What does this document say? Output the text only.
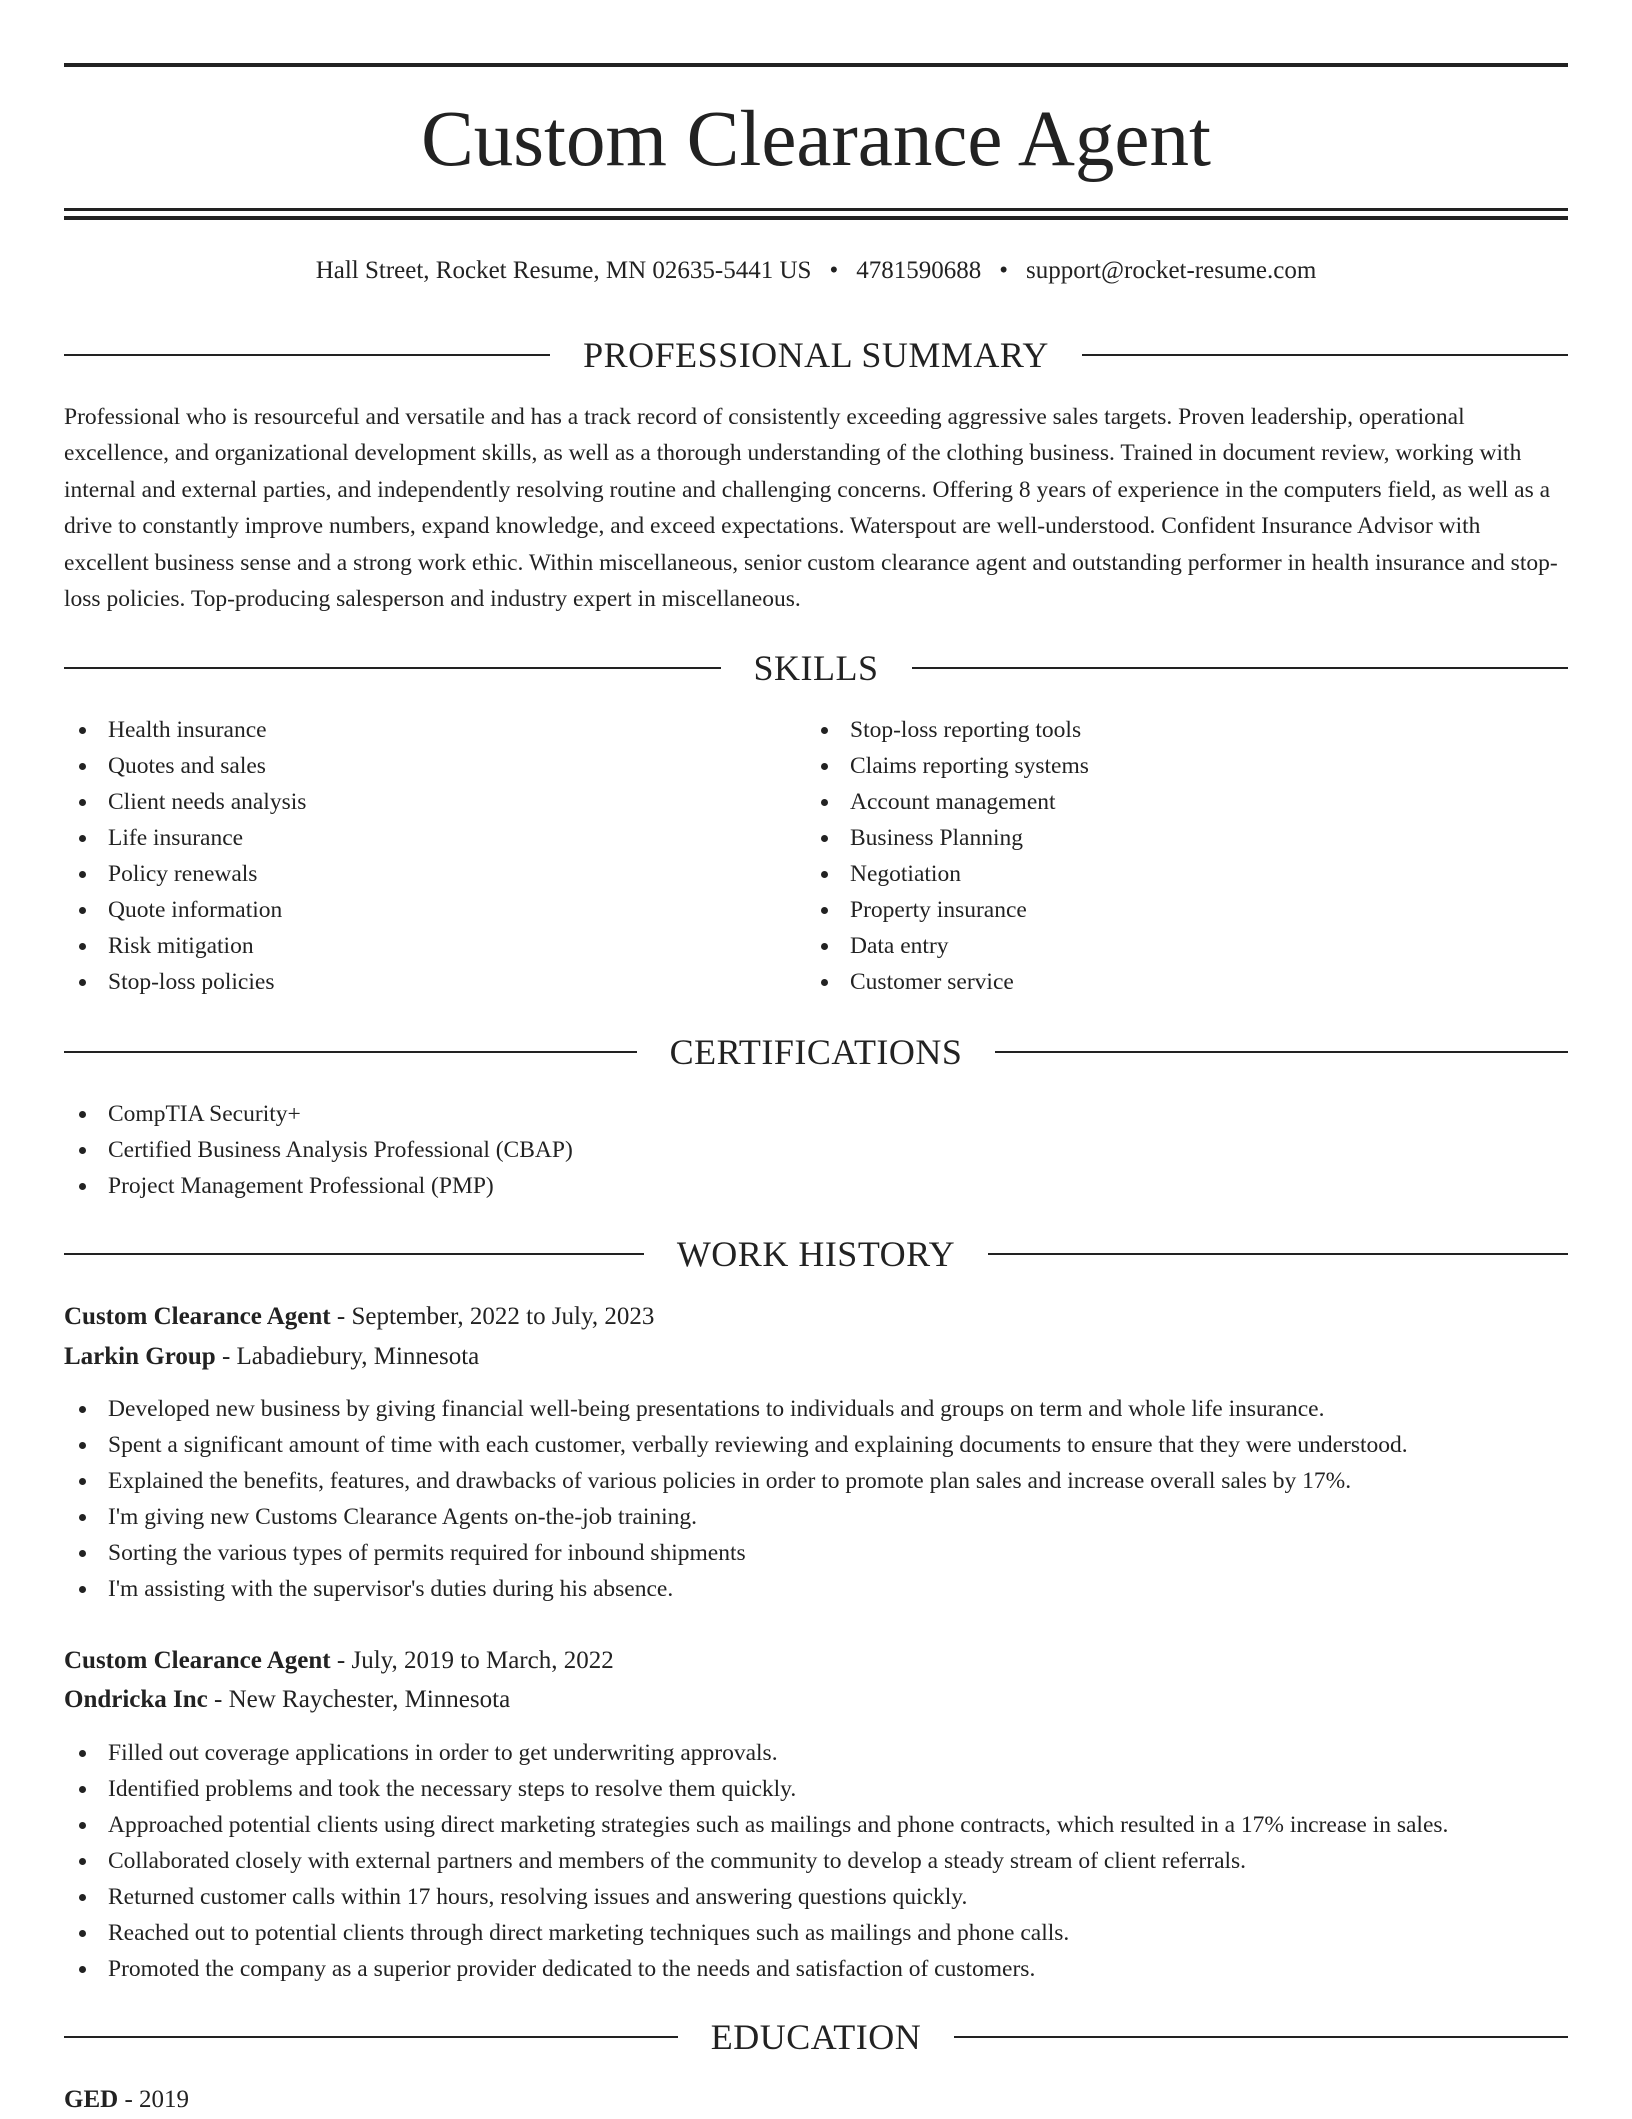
Custom Clearance Agent
Hall Street, Rocket Resume, MN 02635-5441 US • 4781590688 • support@rocket-resume.com
PROFESSIONAL SUMMARY

Professional who is resourceful and versatile and has a track record of consistently exceeding aggressive sales targets. Proven leadership, operational excellence, and organizational development skills, as well as a thorough understanding of the clothing business. Trained in document review, working with internal and external parties, and independently resolving routine and challenging concerns. Offering 8 years of experience in the computers field, as well as a drive to constantly improve numbers, expand knowledge, and exceed expectations. Waterspout are well-understood. Confident Insurance Advisor with excellent business sense and a strong work ethic. Within miscellaneous, senior custom clearance agent and outstanding performer in health insurance and stop-loss policies. Top-producing salesperson and industry expert in miscellaneous.

SKILLS
Health insurance
Quotes and sales
Client needs analysis
Life insurance
Policy renewals
Quote information
Risk mitigation
Stop-loss policies
Stop-loss reporting tools
Claims reporting systems
Account management
Business Planning
Negotiation
Property insurance
Data entry
Customer service
CERTIFICATIONS
CompTIA Security+
Certified Business Analysis Professional (CBAP)
Project Management Professional (PMP)
WORK HISTORY
Custom Clearance Agent - September, 2022 to July, 2023
Larkin Group - Labadiebury, Minnesota
Developed new business by giving financial well-being presentations to individuals and groups on term and whole life insurance.
Spent a significant amount of time with each customer, verbally reviewing and explaining documents to ensure that they were understood.
Explained the benefits, features, and drawbacks of various policies in order to promote plan sales and increase overall sales by 17%.
I'm giving new Customs Clearance Agents on-the-job training.
Sorting the various types of permits required for inbound shipments
I'm assisting with the supervisor's duties during his absence.
Custom Clearance Agent - July, 2019 to March, 2022
Ondricka Inc - New Raychester, Minnesota
Filled out coverage applications in order to get underwriting approvals.
Identified problems and took the necessary steps to resolve them quickly.
Approached potential clients using direct marketing strategies such as mailings and phone contracts, which resulted in a 17% increase in sales.
Collaborated closely with external partners and members of the community to develop a steady stream of client referrals.
Returned customer calls within 17 hours, resolving issues and answering questions quickly.
Reached out to potential clients through direct marketing techniques such as mailings and phone calls.
Promoted the company as a superior provider dedicated to the needs and satisfaction of customers.
EDUCATION
GED - 2019
